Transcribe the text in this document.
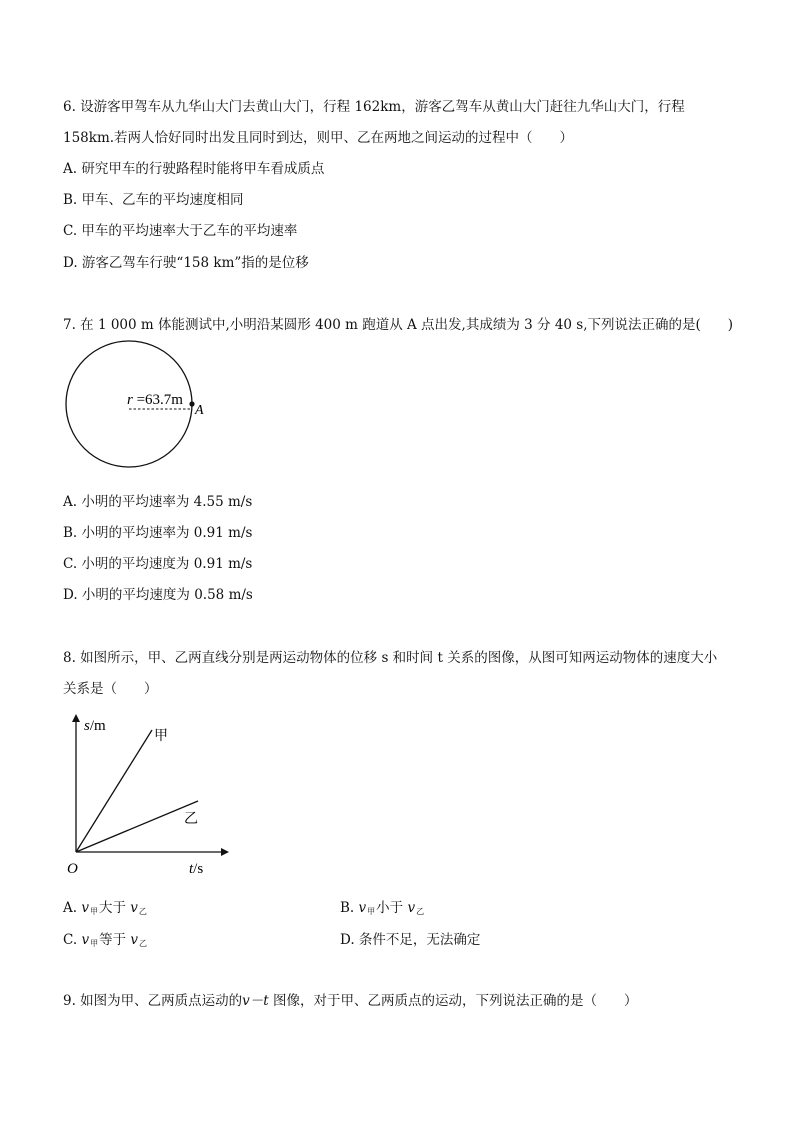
6. 设游客甲驾车从九华山大门去黄山大门，行程 162km，游客乙驾车从黄山大门赶往九华山大门，行程
158km.若两人恰好同时出发且同时到达，则甲、乙在两地之间运动的过程中（　　）
A. 研究甲车的行驶路程时能将甲车看成质点
B. 甲车、乙车的平均速度相同
C. 甲车的平均速率大于乙车的平均速率
D. 游客乙驾车行驶“158 km”指的是位移
7. 在 1 000 m 体能测试中,小明沿某圆形 400 m 跑道从 A 点出发,其成绩为 3 分 40 s,下列说法正确的是(　　)
r =63.7m
A
A. 小明的平均速率为 4.55 m/s
B. 小明的平均速率为 0.91 m/s
C. 小明的平均速度为 0.91 m/s
D. 小明的平均速度为 0.58 m/s
8. 如图所示，甲、乙两直线分别是两运动物体的位移 s 和时间 t 关系的图像，从图可知两运动物体的速度大小
关系是（　　）
s/m
t/s
O
甲
乙
A. $v_甲$大于 $v_乙$	B. $v_甲$小于 $v_乙$
C. $v_甲$等于 $v_乙$	D. 条件不足，无法确定
9. 如图为甲、乙两质点运动的v－t 图像，对于甲、乙两质点的运动，下列说法正确的是（　　）
